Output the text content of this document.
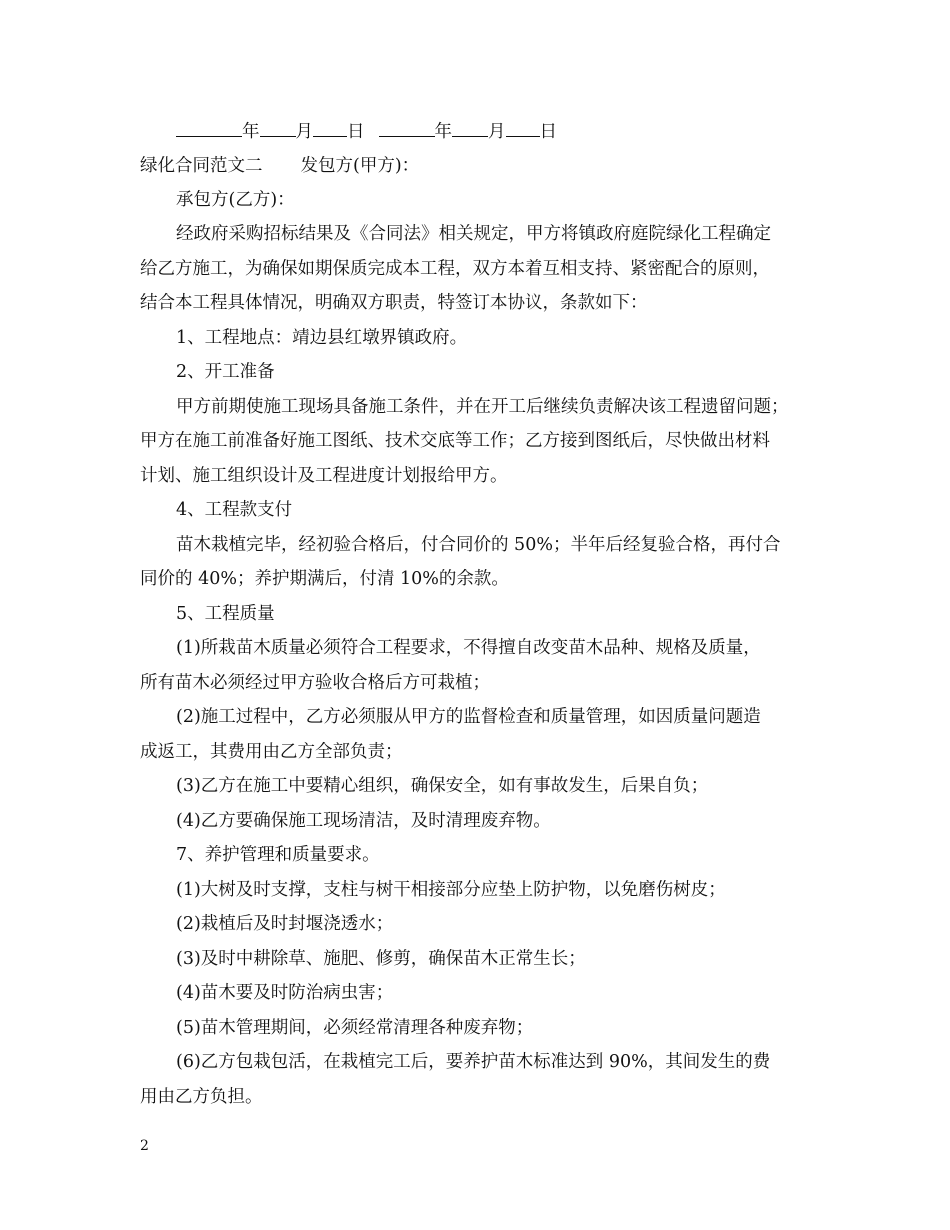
年 月 日	年 月 日
绿化合同范文二 发包方(甲方)：
承包方(乙方)：
经政府采购招标结果及《合同法》相关规定，甲方将镇政府庭院绿化工程确定
给乙方施工，为确保如期保质完成本工程，双方本着互相支持、紧密配合的原则，
结合本工程具体情况，明确双方职责，特签订本协议，条款如下：
1、工程地点：靖边县红墩界镇政府。
2、开工准备
甲方前期使施工现场具备施工条件，并在开工后继续负责解决该工程遗留问题；
甲方在施工前准备好施工图纸、技术交底等工作；乙方接到图纸后，尽快做出材料
计划、施工组织设计及工程进度计划报给甲方。
4、工程款支付
苗木栽植完毕，经初验合格后，付合同价的 50%；半年后经复验合格，再付合
同价的 40%；养护期满后，付清 10%的余款。
5、工程质量
(1)所栽苗木质量必须符合工程要求，不得擅自改变苗木品种、规格及质量，
所有苗木必须经过甲方验收合格后方可栽植；
(2)施工过程中，乙方必须服从甲方的监督检查和质量管理，如因质量问题造
成返工，其费用由乙方全部负责；
(3)乙方在施工中要精心组织，确保安全，如有事故发生，后果自负；
(4)乙方要确保施工现场清洁，及时清理废弃物。
7、养护管理和质量要求。
(1)大树及时支撑，支柱与树干相接部分应垫上防护物，以免磨伤树皮；
(2)栽植后及时封堰浇透水；
(3)及时中耕除草、施肥、修剪，确保苗木正常生长；
(4)苗木要及时防治病虫害；
(5)苗木管理期间，必须经常清理各种废弃物；
(6)乙方包栽包活，在栽植完工后，要养护苗木标准达到 90%，其间发生的费
用由乙方负担。
2
